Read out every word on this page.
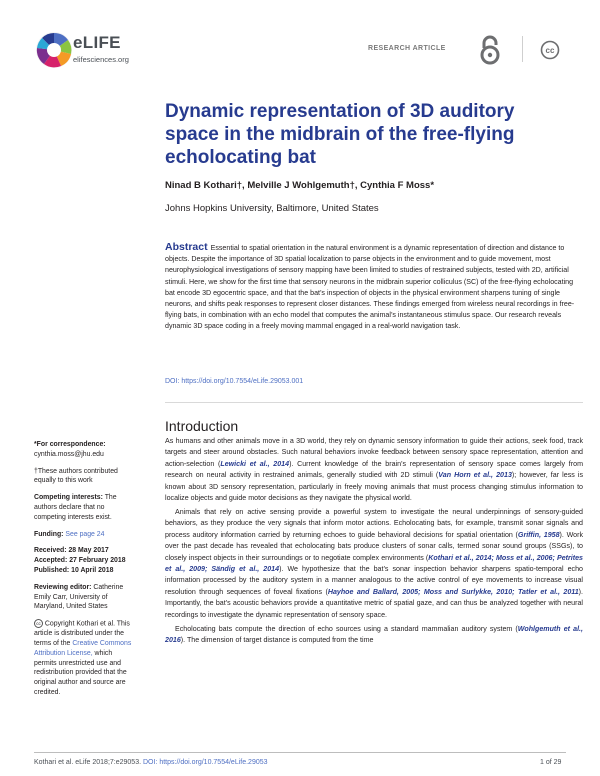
eLIFE
elifesciences.org
RESEARCH ARTICLE	cc
Dynamic representation of 3D auditory space in the midbrain of the free-flying echolocating bat
Ninad B Kothari†, Melville J Wohlgemuth†, Cynthia F Moss*
Johns Hopkins University, Baltimore, United States
Abstract Essential to spatial orientation in the natural environment is a dynamic representation of direction and distance to objects. Despite the importance of 3D spatial localization to parse objects in the environment and to guide movement, most neurophysiological investigations of sensory mapping have been limited to studies of restrained subjects, tested with 2D, artificial stimuli. Here, we show for the first time that sensory neurons in the midbrain superior colliculus (SC) of the free-flying echolocating bat encode 3D egocentric space, and that the bat’s inspection of objects in the physical environment sharpens tuning of single neurons, and shifts peak responses to represent closer distances. These findings emerged from wireless neural recordings in free-flying bats, in combination with an echo model that computes the animal’s instantaneous stimulus space. Our research reveals dynamic 3D space coding in a freely moving mammal engaged in a real-world navigation task.
DOI: https://doi.org/10.7554/eLife.29053.001
*For correspondence:
cynthia.moss@jhu.edu
†These authors contributed equally to this work
Competing interests: The authors declare that no competing interests exist.
Funding: See page 24
Received: 28 May 2017
Accepted: 27 February 2018
Published: 10 April 2018
Reviewing editor: Catherine Emily Carr, University of Maryland, United States
cc Copyright Kothari et al. This article is distributed under the terms of the Creative Commons Attribution License, which permits unrestricted use and redistribution provided that the original author and source are credited.
Introduction

As humans and other animals move in a 3D world, they rely on dynamic sensory information to guide their actions, seek food, track targets and steer around obstacles. Such natural behaviors invoke feedback between sensory space representation, attention and action-selection (Lewicki et al., 2014). Current knowledge of the brain’s representation of sensory space comes largely from research on neural activity in restrained animals, generally studied with 2D stimuli (Van Horn et al., 2013); however, far less is known about 3D sensory representation, particularly in freely moving animals that must process changing stimulus information to localize objects and guide motor decisions as they navigate the physical world.

Animals that rely on active sensing provide a powerful system to investigate the neural underpinnings of sensory-guided behaviors, as they produce the very signals that inform motor actions. Echolocating bats, for example, transmit sonar signals and process auditory information carried by returning echoes to guide behavioral decisions for spatial orientation (Griffin, 1958). Work over the past decade has revealed that echolocating bats produce clusters of sonar calls, termed sonar sound groups (SSGs), to closely inspect objects in their surroundings or to negotiate complex environments (Kothari et al., 2014; Moss et al., 2006; Petrites et al., 2009; Sändig et al., 2014). We hypothesize that the bat’s sonar inspection behavior sharpens spatio-temporal echo information processed by the auditory system in a manner analogous to the active control of eye movements to increase visual resolution through sequences of foveal fixations (Hayhoe and Ballard, 2005; Moss and Surlykke, 2010; Tatler et al., 2011). Importantly, the bat’s acoustic behaviors provide a quantitative metric of spatial gaze, and can thus be analyzed together with neural recordings to investigate the dynamic representation of sensory space.

Echolocating bats compute the direction of echo sources using a standard mammalian auditory system (Wohlgemuth et al., 2016). The dimension of target distance is computed from the time

Kothari et al. eLife 2018;7:e29053. DOI: https://doi.org/10.7554/eLife.29053	1 of 29
